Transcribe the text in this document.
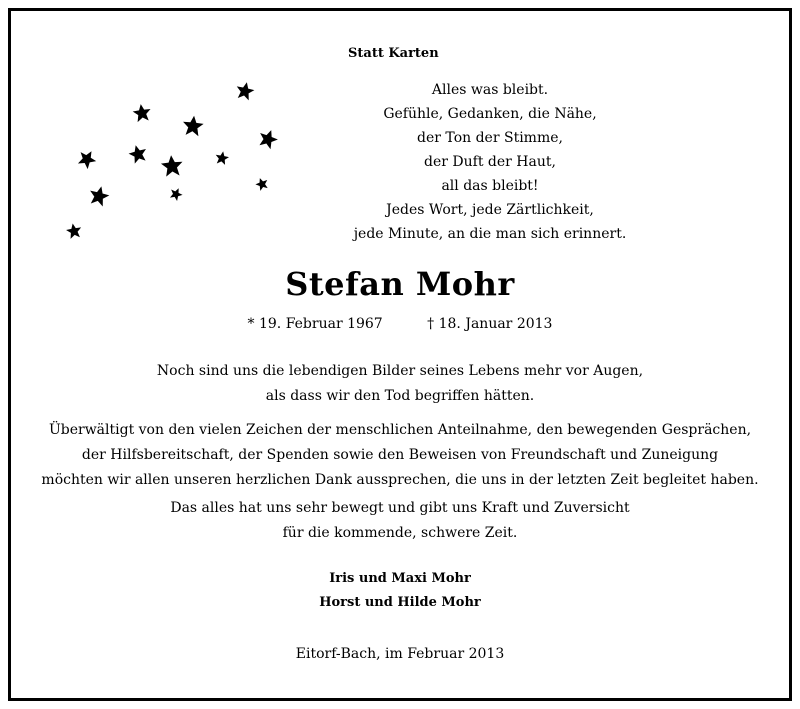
Statt Karten
Alles was bleibt.
Gefühle, Gedanken, die Nähe,
der Ton der Stimme,
der Duft der Haut,
all das bleibt!
Jedes Wort, jede Zärtlichkeit,
jede Minute, an die man sich erinnert.
Stefan Mohr
* 19. Februar 1967	† 18. Januar 2013
Noch sind uns die lebendigen Bilder seines Lebens mehr vor Augen,
als dass wir den Tod begriffen hätten.
Überwältigt von den vielen Zeichen der menschlichen Anteilnahme, den bewegenden Gesprächen,
der Hilfsbereitschaft, der Spenden sowie den Beweisen von Freundschaft und Zuneigung
möchten wir allen unseren herzlichen Dank aussprechen, die uns in der letzten Zeit begleitet haben.
Das alles hat uns sehr bewegt und gibt uns Kraft und Zuversicht
für die kommende, schwere Zeit.
Iris und Maxi Mohr
Horst und Hilde Mohr
Eitorf-Bach, im Februar 2013
